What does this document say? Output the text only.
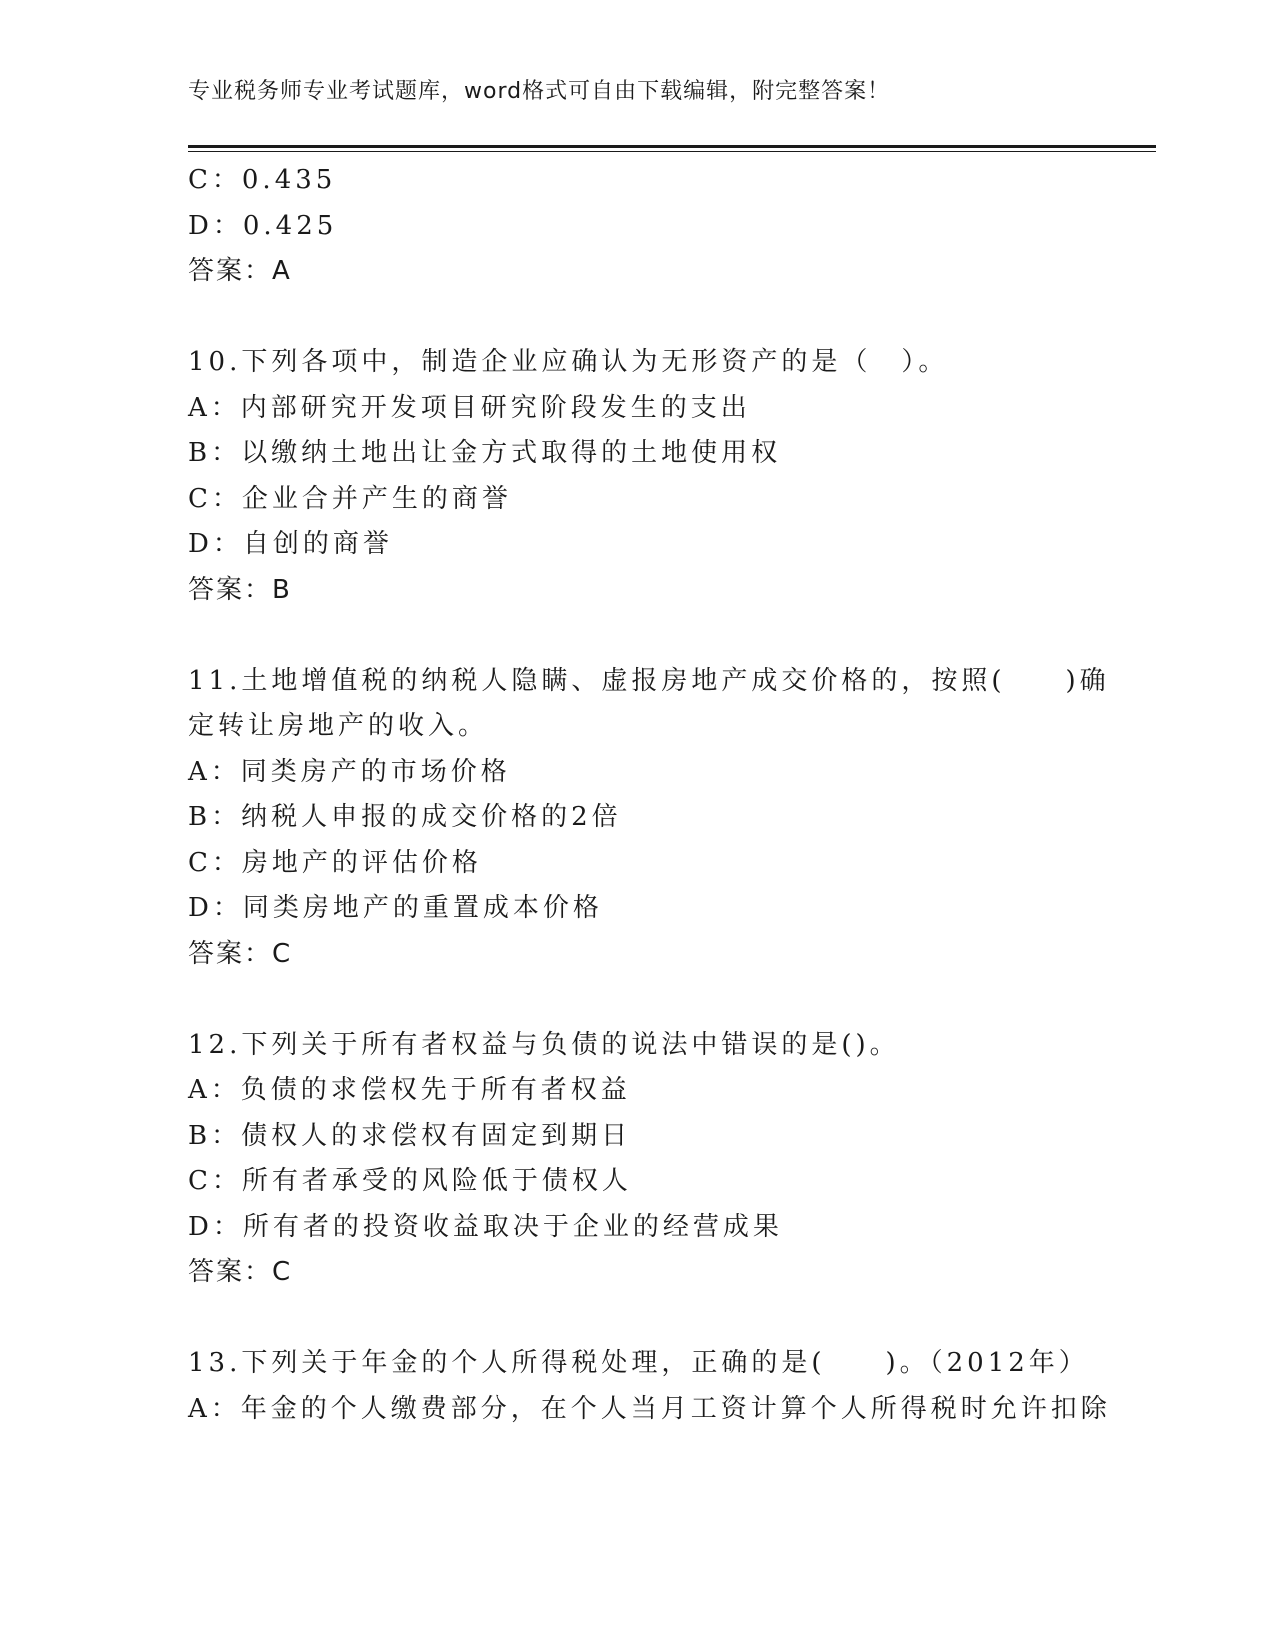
专业税务师专业考试题库，word格式可自由下载编辑，附完整答案！
C：0.435
D：0.425
答案：A
10.下列各项中，制造企业应确认为无形资产的是（　）。
A：内部研究开发项目研究阶段发生的支出
B：以缴纳土地出让金方式取得的土地使用权
C：企业合并产生的商誉
D：自创的商誉
答案：B
11.土地增值税的纳税人隐瞒、虚报房地产成交价格的，按照(　　)确
定转让房地产的收入。
A：同类房产的市场价格
B：纳税人申报的成交价格的2倍
C：房地产的评估价格
D：同类房地产的重置成本价格
答案：C
12.下列关于所有者权益与负债的说法中错误的是()。
A：负债的求偿权先于所有者权益
B：债权人的求偿权有固定到期日
C：所有者承受的风险低于债权人
D：所有者的投资收益取决于企业的经营成果
答案：C
13.下列关于年金的个人所得税处理，正确的是(　　)。（2012年）
A：年金的个人缴费部分，在个人当月工资计算个人所得税时允许扣除
